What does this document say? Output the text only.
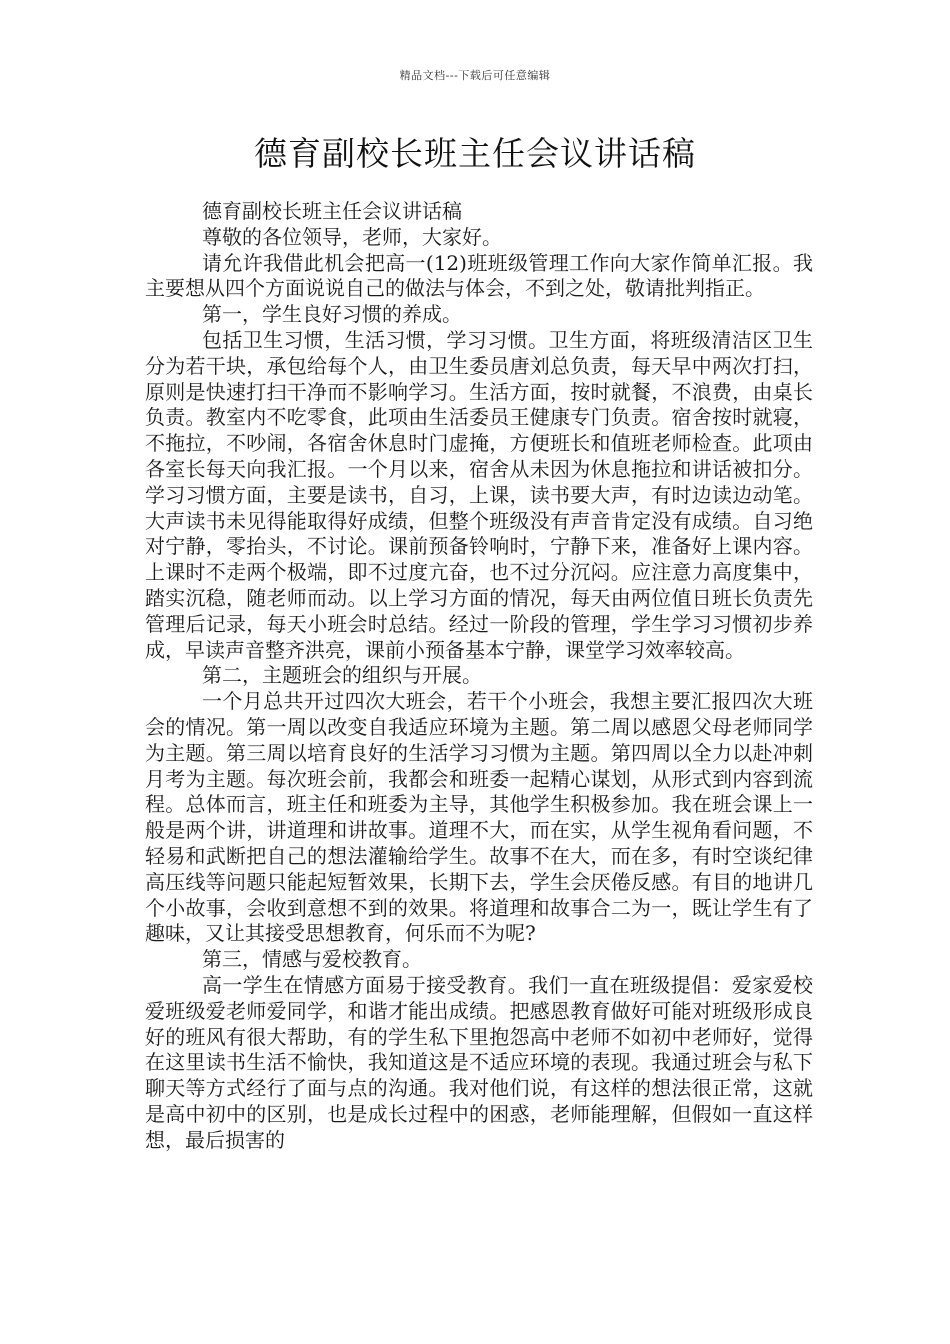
精品文档---下载后可任意编辑
德育副校长班主任会议讲话稿

德育副校长班主任会议讲话稿

尊敬的各位领导，老师，大家好。

请允许我借此机会把高一(12)班班级管理工作向大家作简单汇报。我主要想从四个方面说说自己的做法与体会，不到之处，敬请批判指正。

第一，学生良好习惯的养成。

包括卫生习惯，生活习惯，学习习惯。卫生方面，将班级清洁区卫生分为若干块，承包给每个人，由卫生委员唐刘总负责，每天早中两次打扫，原则是快速打扫干净而不影响学习。生活方面，按时就餐，不浪费，由桌长负责。教室内不吃零食，此项由生活委员王健康专门负责。宿舍按时就寝，不拖拉，不吵闹，各宿舍休息时门虚掩，方便班长和值班老师检查。此项由各室长每天向我汇报。一个月以来，宿舍从未因为休息拖拉和讲话被扣分。学习习惯方面，主要是读书，自习，上课，读书要大声，有时边读边动笔。大声读书未见得能取得好成绩，但整个班级没有声音肯定没有成绩。自习绝对宁静，零抬头，不讨论。课前预备铃响时，宁静下来，准备好上课内容。上课时不走两个极端，即不过度亢奋，也不过分沉闷。应注意力高度集中，踏实沉稳，随老师而动。以上学习方面的情况，每天由两位值日班长负责先管理后记录，每天小班会时总结。经过一阶段的管理，学生学习习惯初步养成，早读声音整齐洪亮，课前小预备基本宁静，课堂学习效率较高。

第二，主题班会的组织与开展。

一个月总共开过四次大班会，若干个小班会，我想主要汇报四次大班会的情况。第一周以改变自我适应环境为主题。第二周以感恩父母老师同学为主题。第三周以培育良好的生活学习习惯为主题。第四周以全力以赴冲刺月考为主题。每次班会前，我都会和班委一起精心谋划，从形式到内容到流程。总体而言，班主任和班委为主导，其他学生积极参加。我在班会课上一般是两个讲，讲道理和讲故事。道理不大，而在实，从学生视角看问题，不轻易和武断把自己的想法灌输给学生。故事不在大，而在多，有时空谈纪律高压线等问题只能起短暂效果，长期下去，学生会厌倦反感。有目的地讲几个小故事，会收到意想不到的效果。将道理和故事合二为一，既让学生有了趣味，又让其接受思想教育，何乐而不为呢?

第三，情感与爱校教育。

高一学生在情感方面易于接受教育。我们一直在班级提倡：爱家爱校爱班级爱老师爱同学，和谐才能出成绩。把感恩教育做好可能对班级形成良好的班风有很大帮助，有的学生私下里抱怨高中老师不如初中老师好，觉得在这里读书生活不愉快，我知道这是不适应环境的表现。我通过班会与私下聊天等方式经行了面与点的沟通。我对他们说，有这样的想法很正常，这就是高中初中的区别，也是成长过程中的困惑，老师能理解，但假如一直这样想，最后损害的
